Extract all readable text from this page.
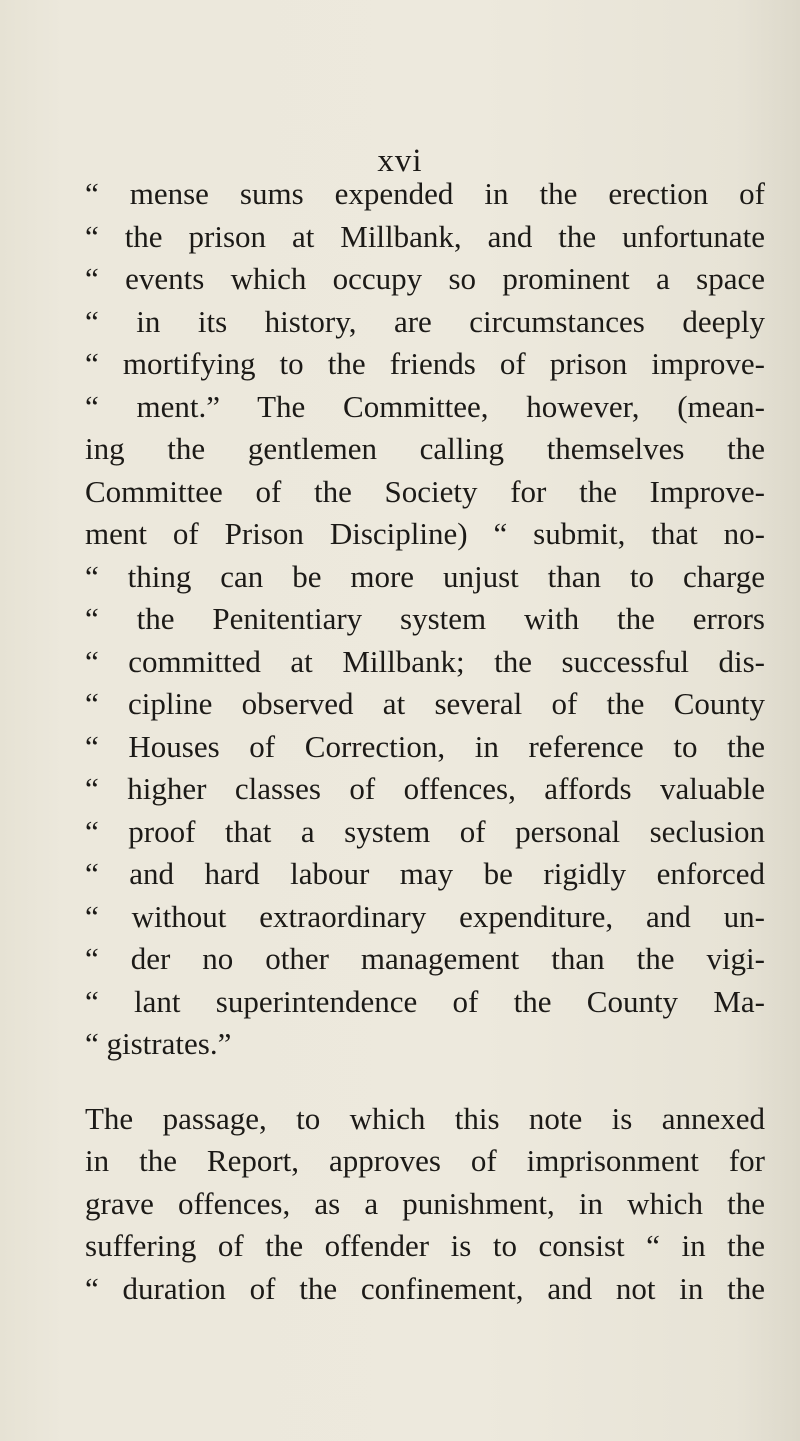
xvi
“ mense sums expended in the erection of
“ the prison at Millbank, and the unfortunate
“ events which occupy so prominent a space
“ in its history, are circumstances deeply
“ mortifying to the friends of prison improve-
“ ment.” The Committee, however, (mean-
ing the gentlemen calling themselves the
Committee of the Society for the Improve-
ment of Prison Discipline) “ submit, that no-
“ thing can be more unjust than to charge
“ the Penitentiary system with the errors
“ committed at Millbank; the successful dis-
“ cipline observed at several of the County
“ Houses of Correction, in reference to the
“ higher classes of offences, affords valuable
“ proof that a system of personal seclusion
“ and hard labour may be rigidly enforced
“ without extraordinary expenditure, and un-
“ der no other management than the vigi-
“ lant superintendence of the County Ma-
“ gistrates.”
The passage, to which this note is annexed
in the Report, approves of imprisonment for
grave offences, as a punishment, in which the
suffering of the offender is to consist “ in the
“ duration of the confinement, and not in the
